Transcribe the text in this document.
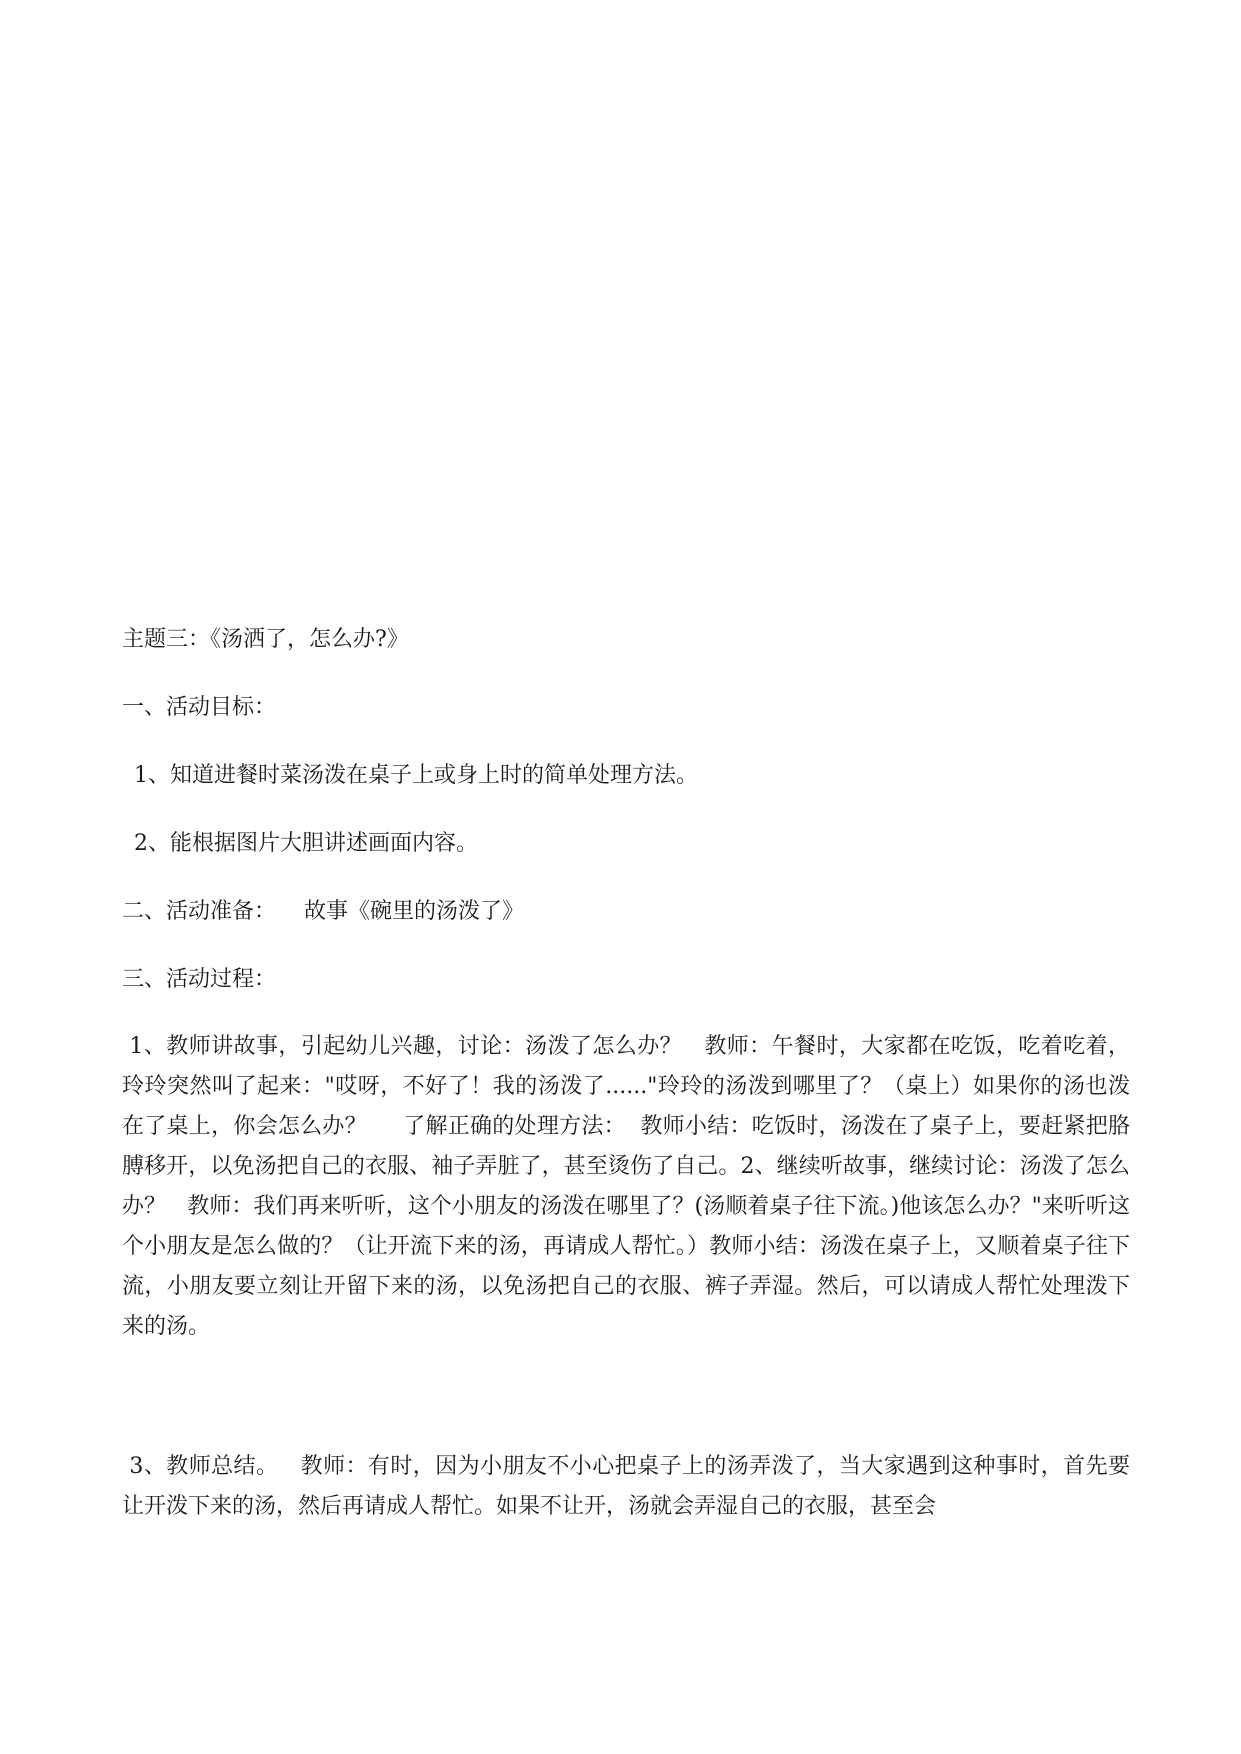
主题三：《汤洒了，怎么办?》
一、活动目标：
1、知道进餐时菜汤泼在桌子上或身上时的简单处理方法。
2、能根据图片大胆讲述画面内容。
二、活动准备：    故事《碗里的汤泼了》
三、活动过程：
1、教师讲故事，引起幼儿兴趣，讨论：汤泼了怎么办？   教师：午餐时，大家都在吃饭，吃着吃着，玲玲突然叫了起来："哎呀，不好了！我的汤泼了......"玲玲的汤泼到哪里了？（桌上）如果你的汤也泼在了桌上，你会怎么办？     了解正确的处理方法：  教师小结：吃饭时，汤泼在了桌子上，要赶紧把胳膊移开，以免汤把自己的衣服、袖子弄脏了，甚至烫伤了自己。2、继续听故事，继续讨论：汤泼了怎么办？   教师：我们再来听听，这个小朋友的汤泼在哪里了？(汤顺着桌子往下流。)他该怎么办？"来听听这个小朋友是怎么做的？（让开流下来的汤，再请成人帮忙。）教师小结：汤泼在桌子上，又顺着桌子往下流，小朋友要立刻让开留下来的汤，以免汤把自己的衣服、裤子弄湿。然后，可以请成人帮忙处理泼下来的汤。
3、教师总结。   教师：有时，因为小朋友不小心把桌子上的汤弄泼了，当大家遇到这种事时，首先要让开泼下来的汤，然后再请成人帮忙。如果不让开，汤就会弄湿自己的衣服，甚至会
